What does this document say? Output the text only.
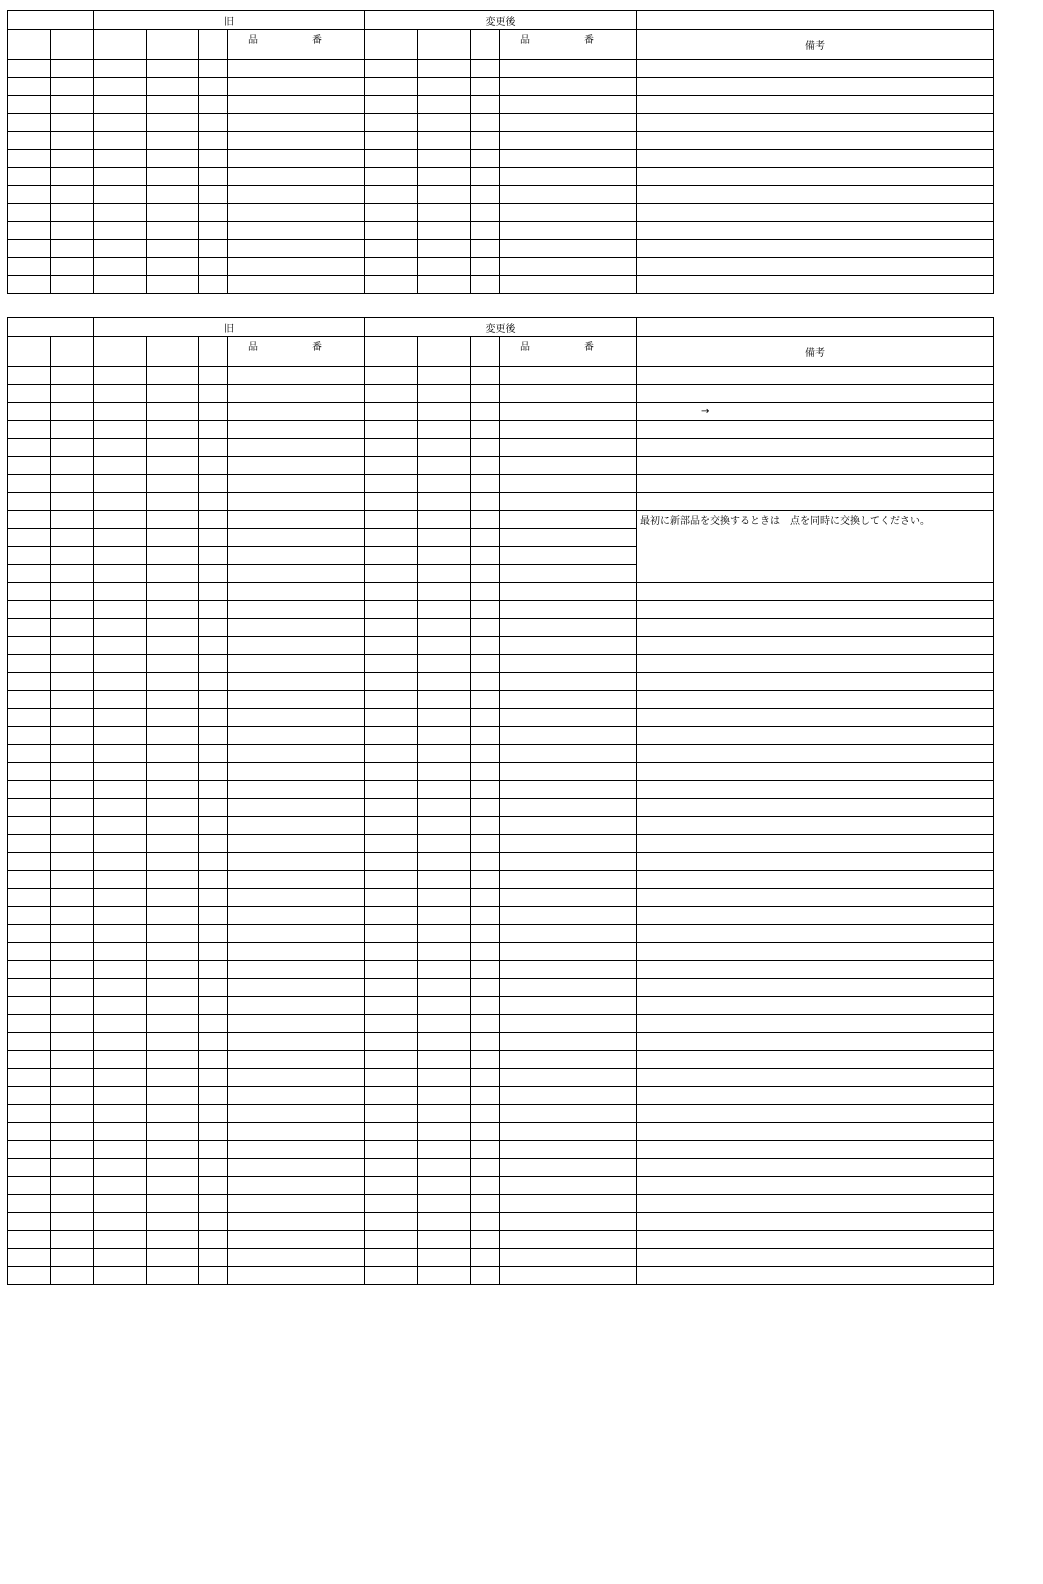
		旧				変更後				
					品　番				品　番	備考

		旧				変更後				
					品　番				品　番	備考

										→

										最初に新部品を交換するときは　点を同時に交換してください。
